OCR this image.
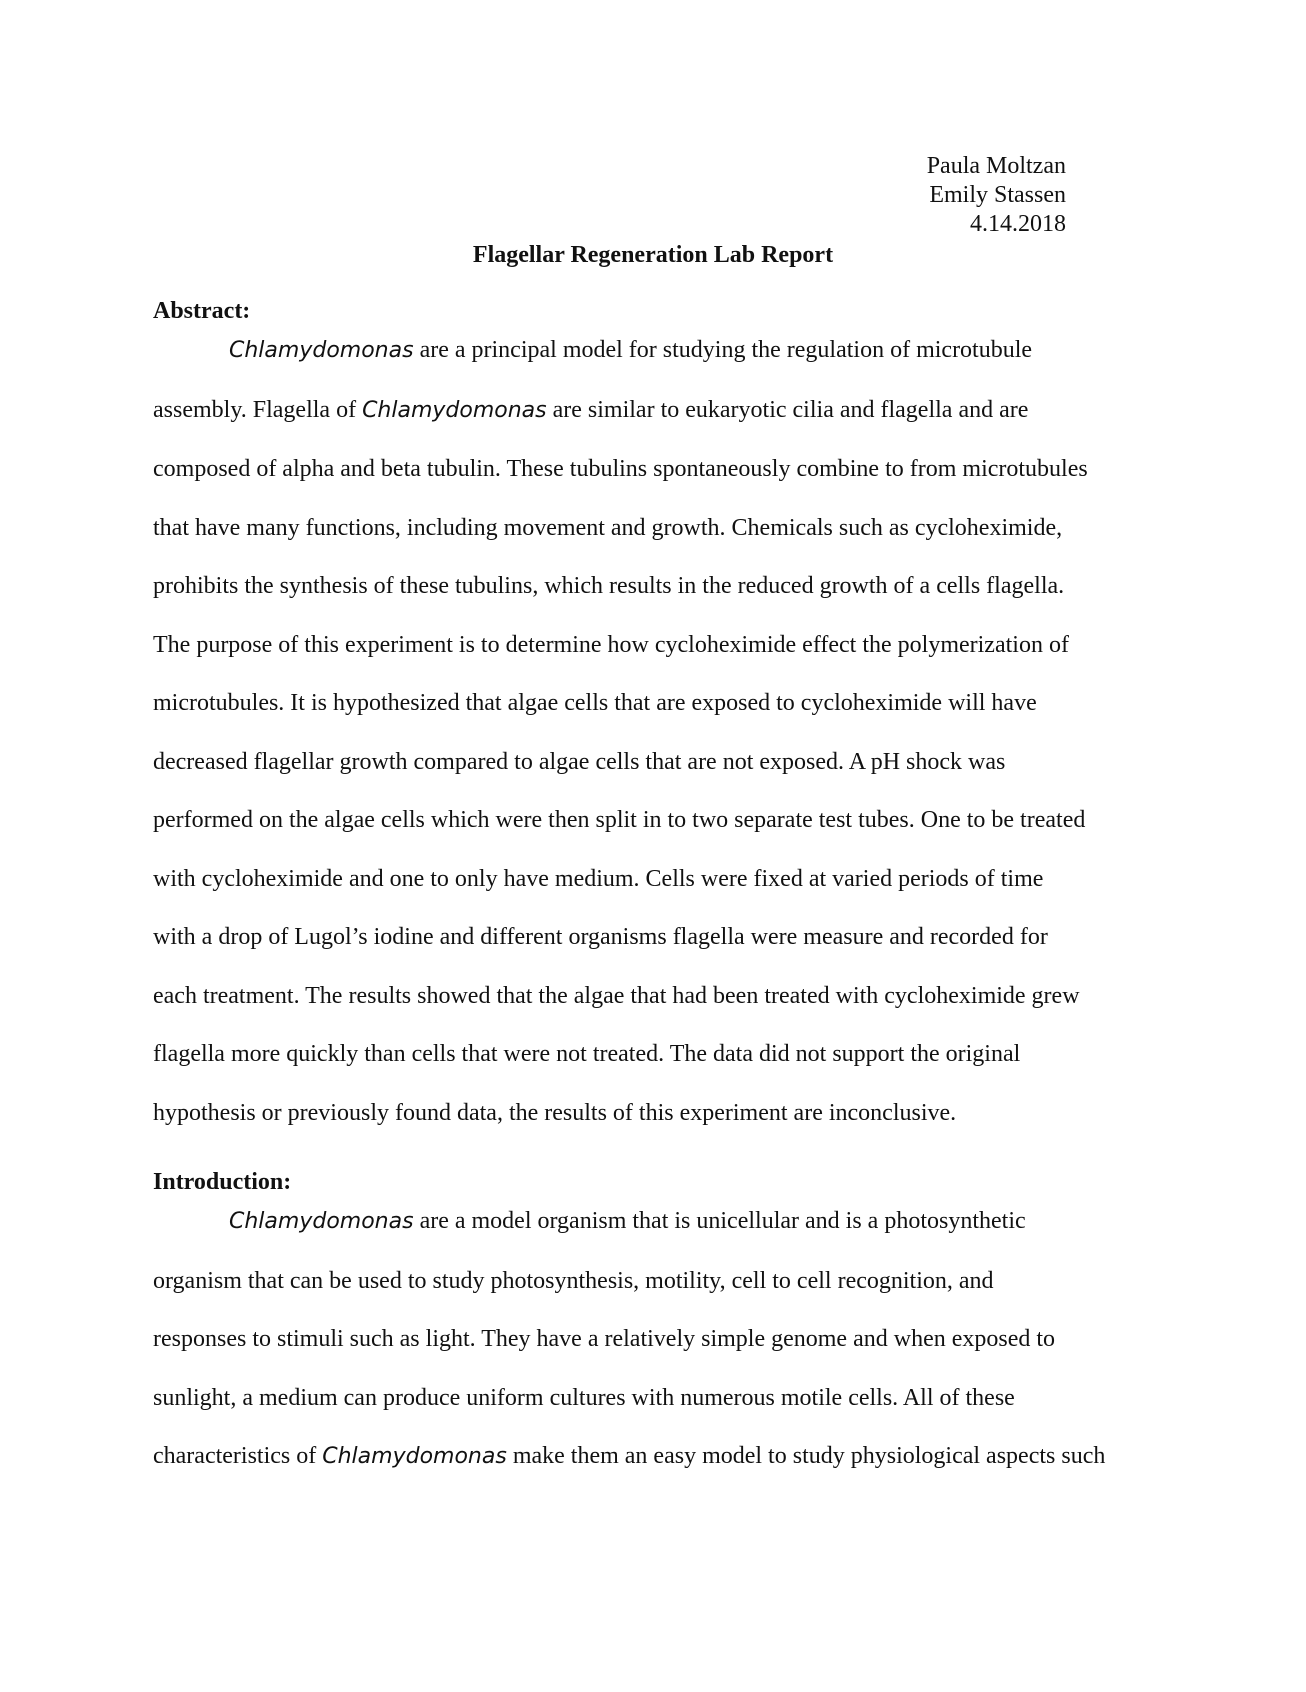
Paula Moltzan
Emily Stassen
4.14.2018
Flagellar Regeneration Lab Report

Abstract:

Chlamydomonas are a principal model for studying the regulation of microtubule
assembly. Flagella of Chlamydomonas are similar to eukaryotic cilia and flagella and are
composed of alpha and beta tubulin. These tubulins spontaneously combine to from microtubules
that have many functions, including movement and growth. Chemicals such as cycloheximide,
prohibits the synthesis of these tubulins, which results in the reduced growth of a cells flagella.
The purpose of this experiment is to determine how cycloheximide effect the polymerization of
microtubules. It is hypothesized that algae cells that are exposed to cycloheximide will have
decreased flagellar growth compared to algae cells that are not exposed. A pH shock was
performed on the algae cells which were then split in to two separate test tubes. One to be treated
with cycloheximide and one to only have medium. Cells were fixed at varied periods of time
with a drop of Lugol’s iodine and different organisms flagella were measure and recorded for
each treatment. The results showed that the algae that had been treated with cycloheximide grew
flagella more quickly than cells that were not treated. The data did not support the original
hypothesis or previously found data, the results of this experiment are inconclusive.

Introduction:

Chlamydomonas are a model organism that is unicellular and is a photosynthetic
organism that can be used to study photosynthesis, motility, cell to cell recognition, and
responses to stimuli such as light. They have a relatively simple genome and when exposed to
sunlight, a medium can produce uniform cultures with numerous motile cells. All of these
characteristics of Chlamydomonas make them an easy model to study physiological aspects such
